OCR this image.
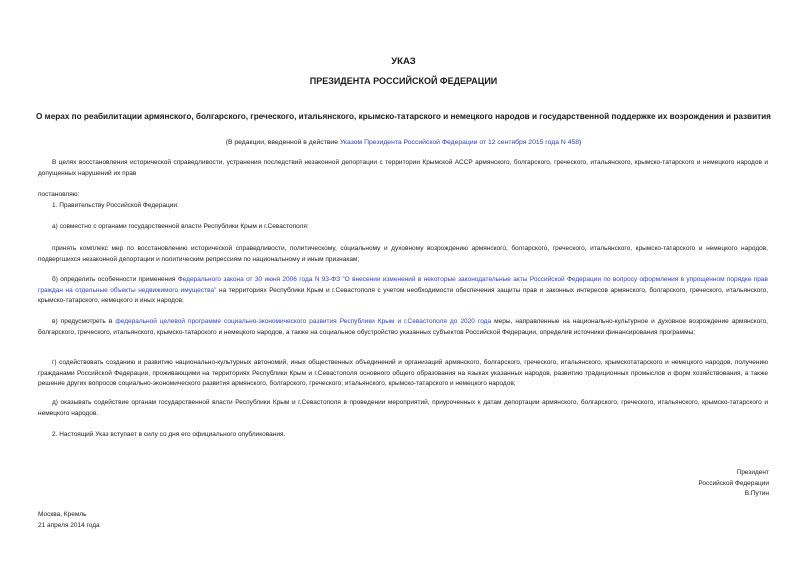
УКАЗ
ПРЕЗИДЕНТА РОССИЙСКОЙ ФЕДЕРАЦИИ
О мерах по реабилитации армянского, болгарского, греческого, итальянского, крымско-татарского и немецкого народов и государственной поддержке их возрождения и развития
(В редакции, введенной в действие Указом Президента Российской Федерации от 12 сентября 2015 года N 458)
В целях восстановления исторической справедливости, устранения последствий незаконной депортации с территории Крымской АССР армянского, болгарского, греческого, итальянского, крымско-татарского и немецкого народов и допущенных нарушений их прав
постановляю:
1. Правительству Российской Федерации:
а) совместно с органами государственной власти Республики Крым и г.Севастополя:
принять комплекс мер по восстановлению исторической справедливости, политическому, социальному и духовному возрождению армянского, болгарского, греческого, итальянского, крымско-татарского и немецкого народов, подвергшихся незаконной депортации и политическим репрессиям по национальному и иным признакам;
б) определить особенности применения Федерального закона от 30 июня 2006 года N 93-ФЗ "О внесении изменений в некоторые законодательные акты Российской Федерации по вопросу оформления в упрощенном порядке прав граждан на отдельные объекты недвижимого имущества" на территориях Республики Крым и г.Севастополя с учетом необходимости обеспечения защиты прав и законных интересов армянского, болгарского, греческого, итальянского, крымско-татарского, немецкого и иных народов;
в) предусмотреть в федеральной целевой программе социально-экономического развития Республики Крым и г.Севастополя до 2020 года меры, направленные на национально-культурное и духовное возрождение армянского, болгарского, греческого, итальянского, крымско-татарского и немецкого народов, а также на социальное обустройство указанных субъектов Российской Федерации, определив источники финансирования программы;
г) содействовать созданию и развитию национально-культурных автономий, иных общественных объединений и организаций армянского, болгарского, греческого, итальянского, крымскотатарского и немецкого народов, получению гражданами Российской Федерации, проживающими на территориях Республики Крым и г.Севастополя основного общего образования на языках указанных народов, развитию традиционных промыслов и форм хозяйствования, а также решение других вопросов социально-экономического развития армянского, болгарского, греческого, итальянского, крымско-татарского и немецкого народов;
д) оказывать содействие органам государственной власти Республики Крым и г.Севастополя в проведении мероприятий, приуроченных к датам депортации армянского, болгарского, греческого, итальянского, крымско-татарского и немецкого народов.
2. Настоящий Указ вступает в силу со дня его официального опубликования.
Президент
Российской Федерации
В.Путин
Москва, Кремль
21 апреля 2014 года
